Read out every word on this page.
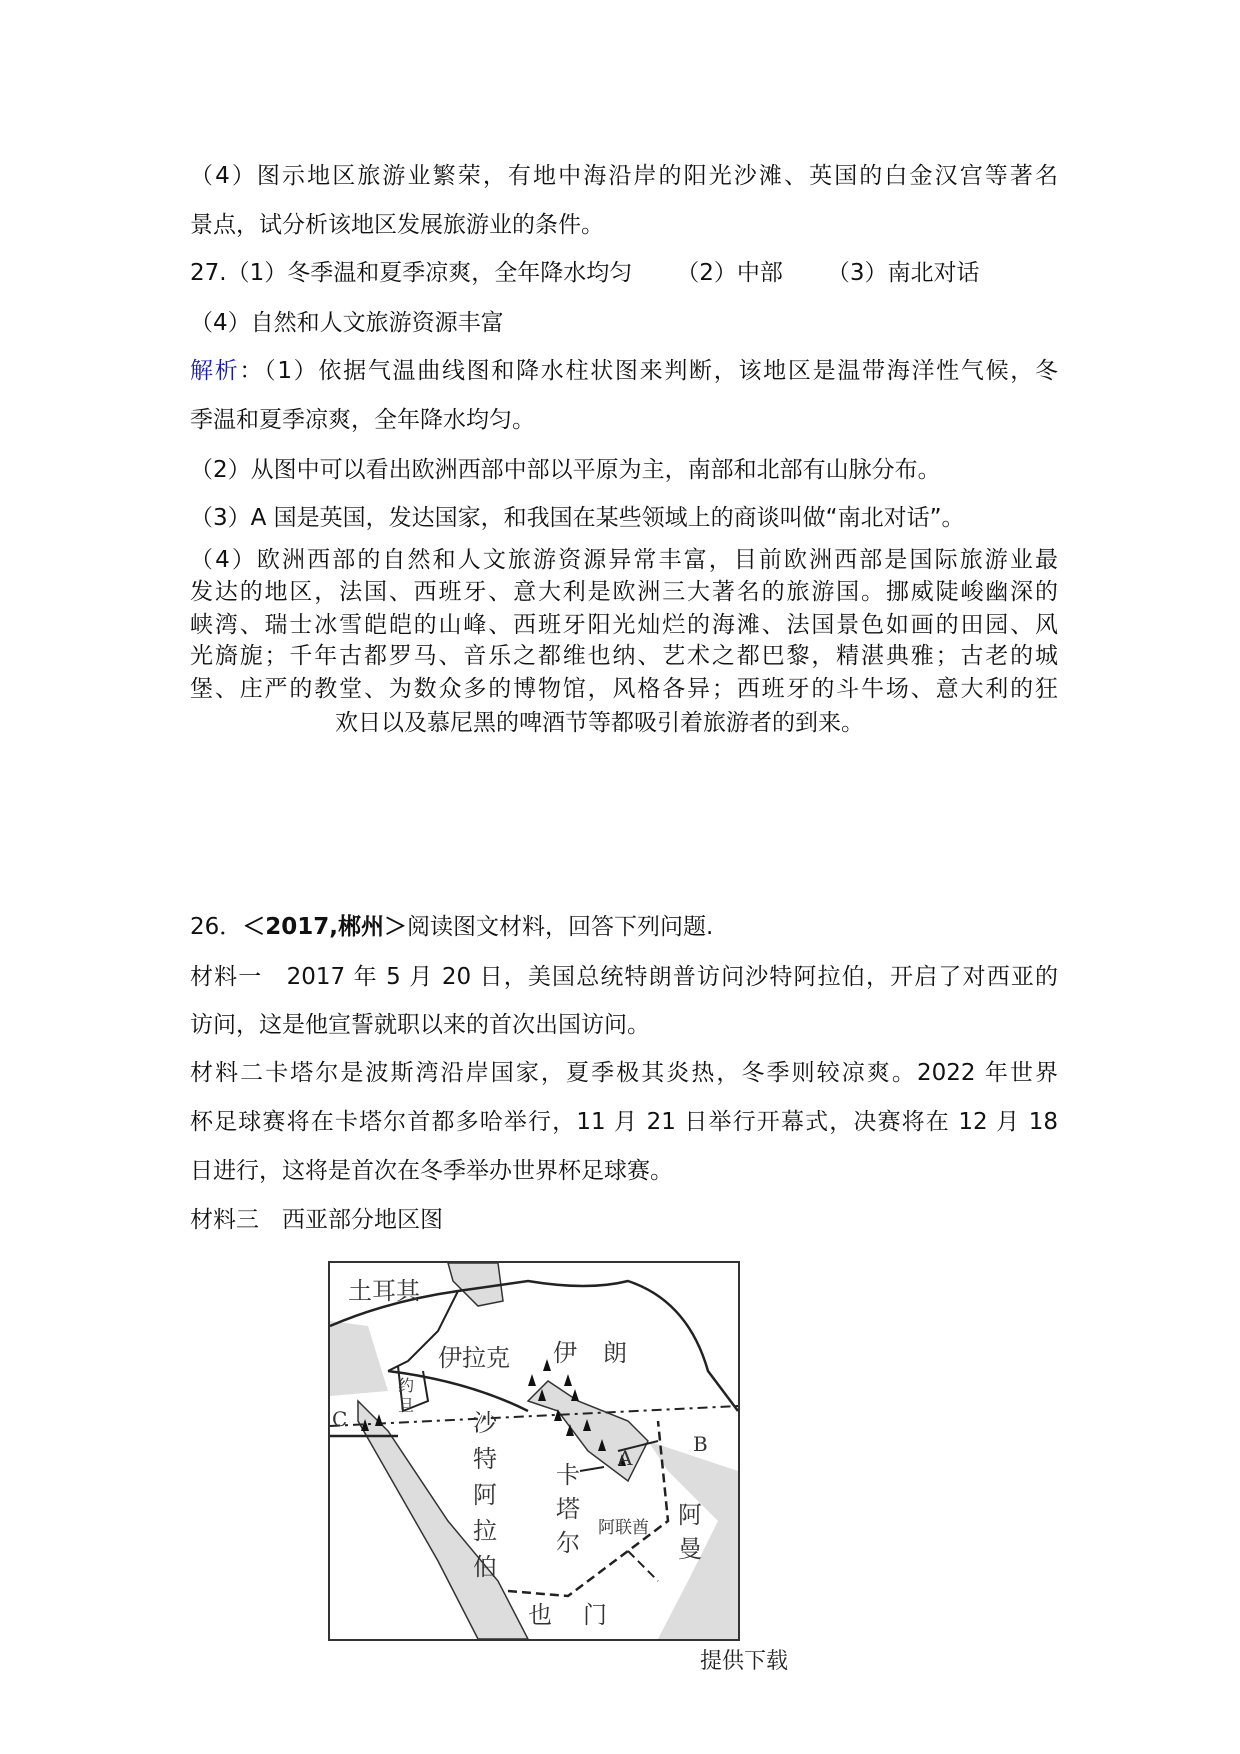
（4）图示地区旅游业繁荣，有地中海沿岸的阳光沙滩、英国的白金汉宫等著名
景点，试分析该地区发展旅游业的条件。
27.（1）冬季温和夏季凉爽，全年降水均匀 （2）中部 （3）南北对话
（4）自然和人文旅游资源丰富
解析：（1）依据气温曲线图和降水柱状图来判断，该地区是温带海洋性气候，冬
季温和夏季凉爽，全年降水均匀。
（2）从图中可以看出欧洲西部中部以平原为主，南部和北部有山脉分布。
（3）A 国是英国，发达国家，和我国在某些领域上的商谈叫做“南北对话”。
（4）欧洲西部的自然和人文旅游资源异常丰富，目前欧洲西部是国际旅游业最
发达的地区，法国、西班牙、意大利是欧洲三大著名的旅游国。挪威陡峻幽深的
峡湾、瑞士冰雪皑皑的山峰、西班牙阳光灿烂的海滩、法国景色如画的田园、风
光旖旎；千年古都罗马、音乐之都维也纳、艺术之都巴黎，精湛典雅；古老的城
堡、庄严的教堂、为数众多的博物馆，风格各异；西班牙的斗牛场、意大利的狂
欢日以及慕尼黑的啤酒节等都吸引着旅游者的到来。
26．＜2017,郴州＞阅读图文材料，回答下列问题.
材料一　2017 年 5 月 20 日，美国总统特朗普访问沙特阿拉伯，开启了对西亚的
访问，这是他宣誓就职以来的首次出国访问。
材料二卡塔尔是波斯湾沿岸国家，夏季极其炎热，冬季则较凉爽。2022 年世界
杯足球赛将在卡塔尔首都多哈举行，11 月 21 日举行开幕式，决赛将在 12 月 18
日进行，这将是首次在冬季举办世界杯足球赛。
材料三　西亚部分地区图
土耳其
伊拉克 伊 朗
约
旦
沙
特
阿
拉
伯
卡
塔
尔
阿联酋 阿
曼
也 门
A
B
C
提供下载
